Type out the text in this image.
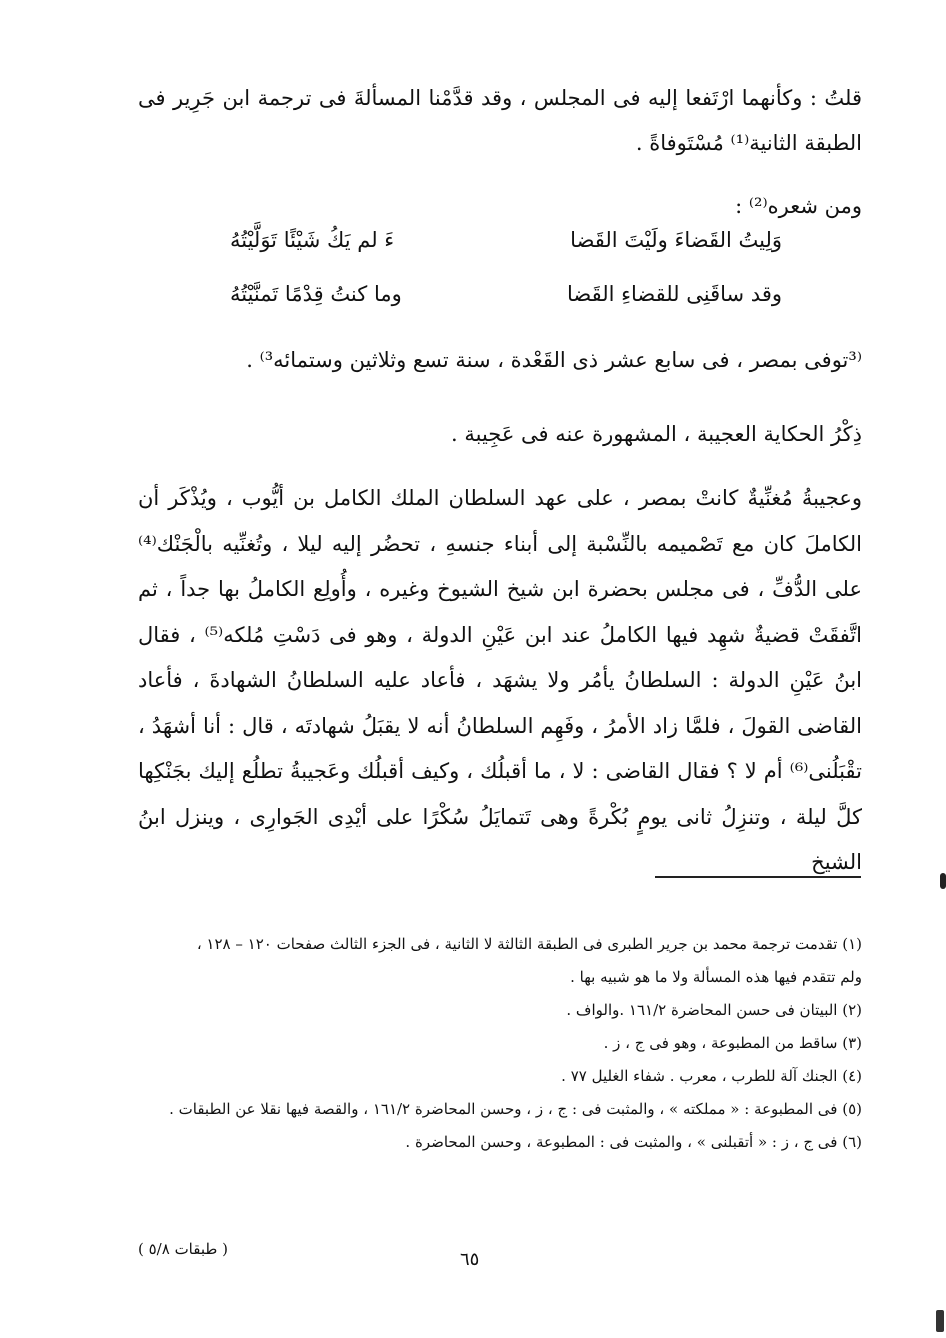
قلتُ : وكأنهما ارْتَفعا إليه فى المجلس ، وقد قدَّمْنا المسألةَ فى ترجمة ابن جَرِير فى الطبقة الثانية⁽¹⁾ مُسْتَوفاةً .

ومن شعره⁽²⁾ :

وَلِيتُ القَضاءَ ولَيْتَ القَضا
ءَ لم يَكُ شَيْئًا تَوَلَّيْتُهُ
وقد ساقَنِى للقضاءِ القَضا
وما كنتُ قِدْمًا تَمنَّيْتُهُ

⁽³توفى بمصر ، فى سابع عشر ذى القَعْدة ، سنة تسع وثلاثين وستمائه³⁾ .

ذِكْرُ الحكاية العجيبة ، المشهورة عنه فى عَجِيبة .

وعجيبةُ مُغنِّيةٌ كانتْ بمصر ، على عهد السلطان الملك الكامل بن أيُّوب ، ويُذْكَر أن الكاملَ كان مع تَصْميمه بالنِّسْبة إلى أبناء جنسهِ ، تحضُر إليه ليلا ، وتُغنِّيه بالْجَنْك⁽⁴⁾ على الدُّفِّ ، فى مجلس بحضرة ابن شيخ الشيوخ وغيره ، وأُولِع الكاملُ بها جداً ، ثم اتَّفقَتْ قضيةٌ شهِد فيها الكاملُ عند ابن عَيْنِ الدولة ، وهو فى دَسْتِ مُلكه⁽⁵⁾ ، فقال ابنُ عَيْنِ الدولة : السلطانُ يأمُر ولا يشهَد ، فأعاد عليه السلطانُ الشهادةَ ، فأعاد القاضى القولَ ، فلمَّا زاد الأمرُ ، وفَهِم السلطانُ أنه لا يقبَلُ شهادتَه ، قال : أنا أشهَدُ ، تقْبَلُنى⁽⁶⁾ أم لا ؟ فقال القاضى : لا ، ما أقبلُك ، وكيف أقبلُك وعَجيبةُ تطلُع إليك بجَنْكِها كلَّ ليلة ، وتنزِلُ ثانى يومٍ بُكْرةً وهى تَتمايَلُ سُكْرًا على أيْدِى الجَوارِى ، وينزل ابنُ الشيخ

(١) تقدمت ترجمة محمد بن جرير الطبرى فى الطبقة الثالثة لا الثانية ، فى الجزء الثالث صفحات ١٢٠ – ١٢٨ ،

ولم تتقدم فيها هذه المسألة ولا ما هو شبيه بها .

(٢) البيتان فى حسن المحاضرة ١٦١/٢ .والواف .

(٣) ساقط من المطبوعة ، وهو فى ج ، ز .

(٤) الجنك آلة للطرب ، معرب . شفاء الغليل ٧٧ .

(٥) فى المطبوعة : « مملكته » ، والمثبت فى : ج ، ز ، وحسن المحاضرة ١٦١/٢ ، والقصة فيها نقلا عن الطبقات .

(٦) فى ج ، ز : « أتقبلنى » ، والمثبت فى : المطبوعة ، وحسن المحاضرة .

( طبقات ٥/٨ )	٦٥
